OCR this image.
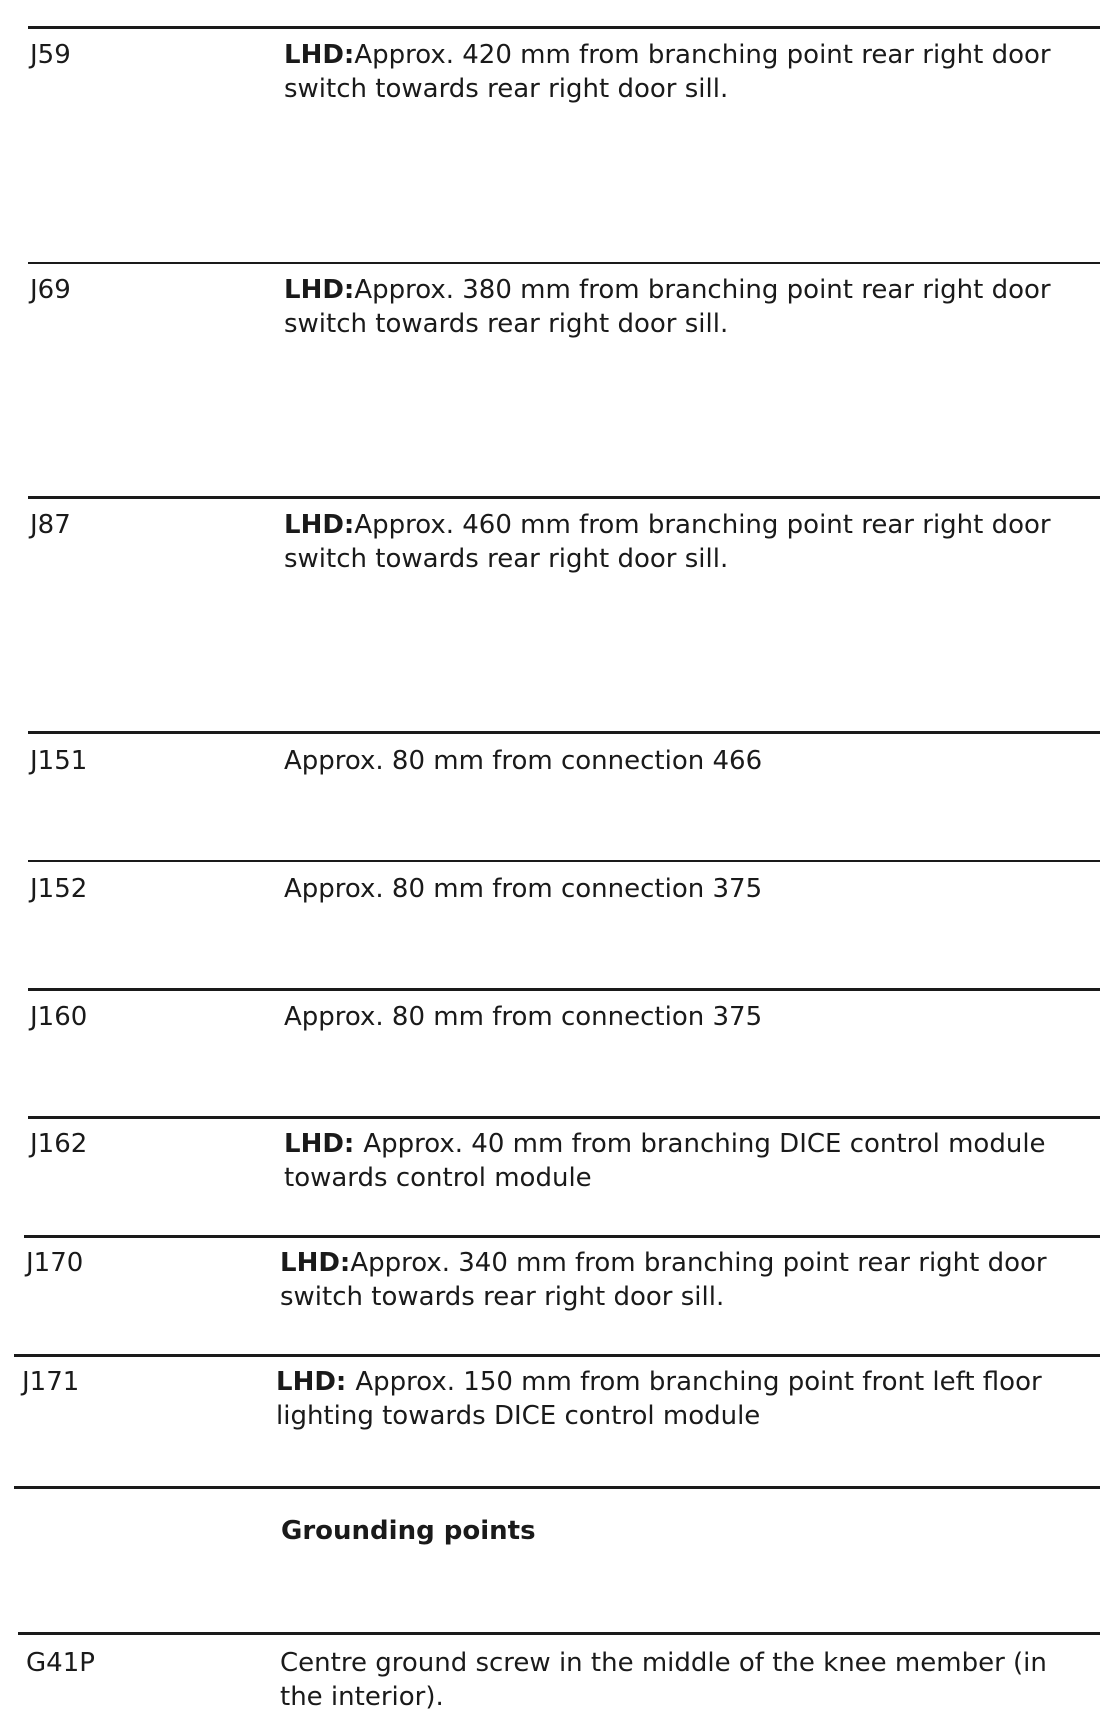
J59	LHD:Approx. 420 mm from branching point rear right door switch towards rear right door sill.
J69	LHD:Approx. 380 mm from branching point rear right door switch towards rear right door sill.
J87	LHD:Approx. 460 mm from branching point rear right door switch towards rear right door sill.
J151	Approx. 80 mm from connection 466
J152	Approx. 80 mm from connection 375
J160	Approx. 80 mm from connection 375
J162	LHD: Approx. 40 mm from branching DICE control module towards control module
J170	LHD:Approx. 340 mm from branching point rear right door switch towards rear right door sill.
J171	LHD: Approx. 150 mm from branching point front left floor lighting towards DICE control module
Grounding points
G41P	Centre ground screw in the middle of the knee member (in the interior).
